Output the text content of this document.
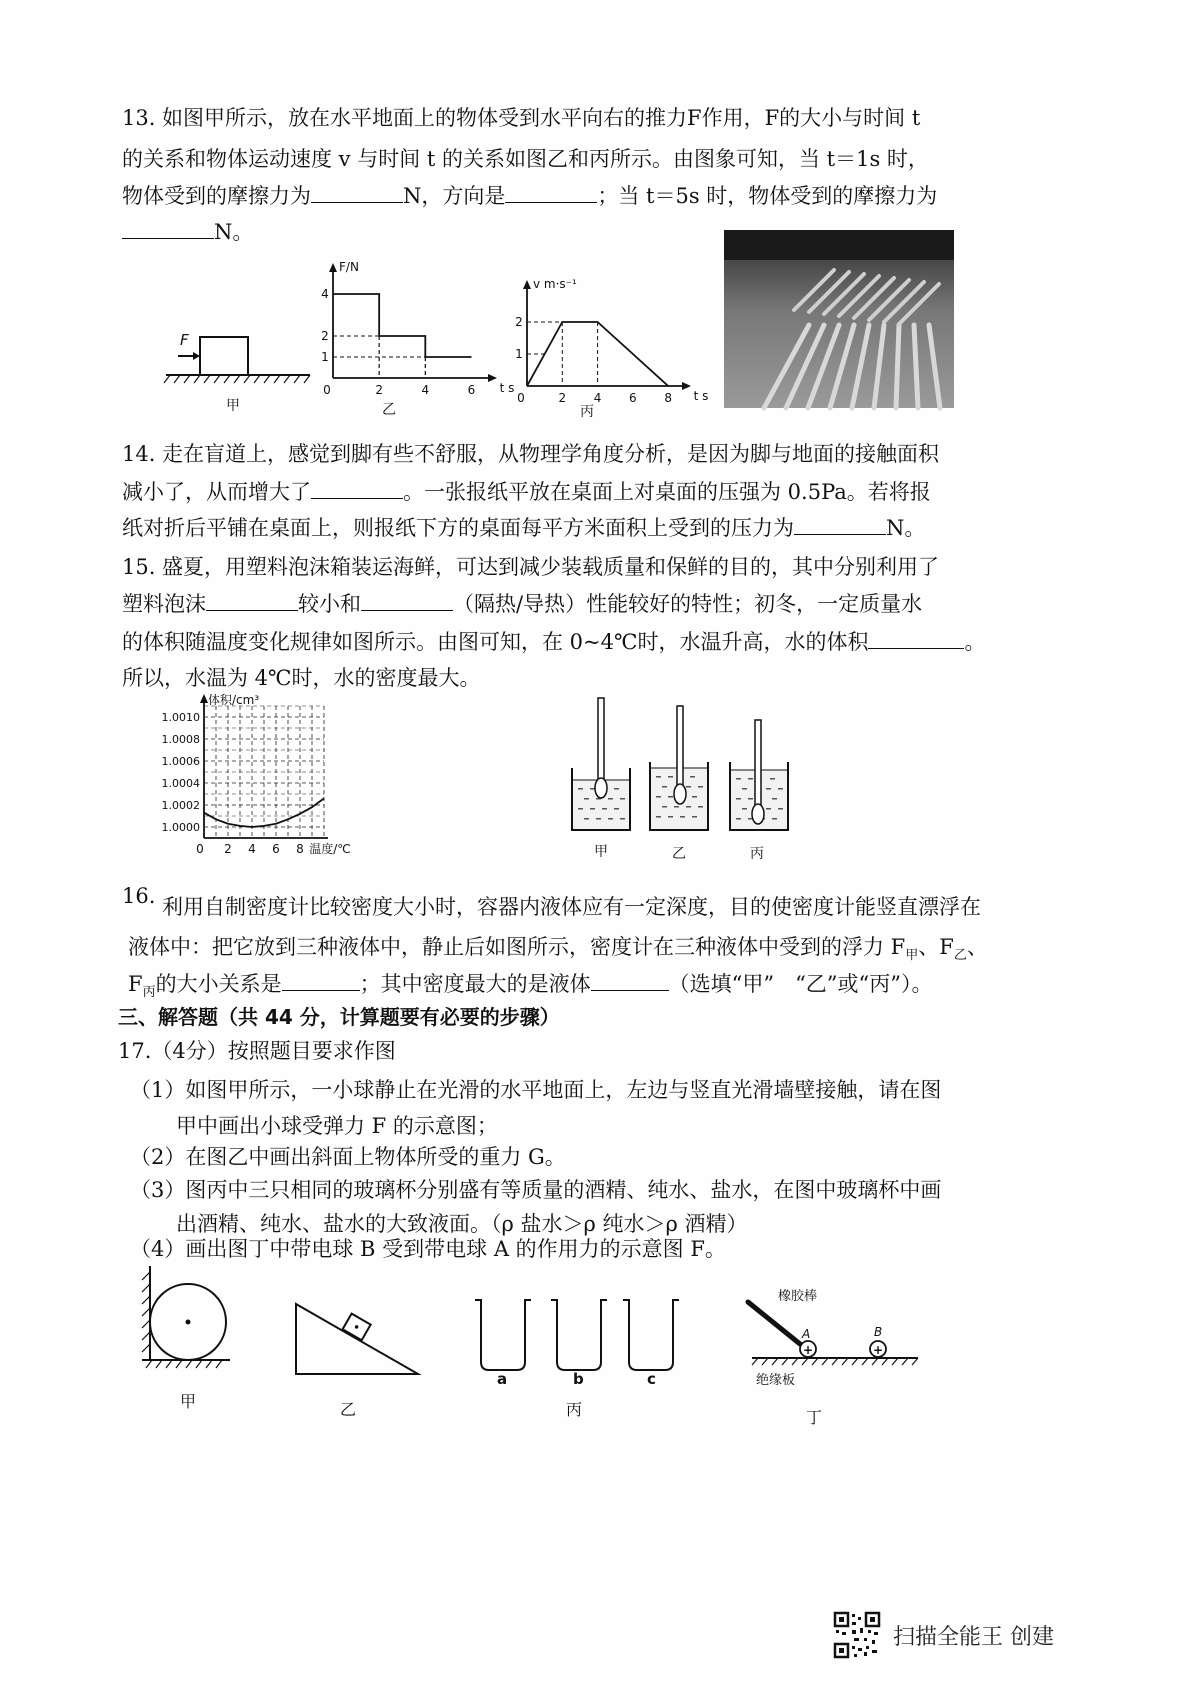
13. 如图甲所示，放在水平地面上的物体受到水平向右的推力F作用，F的大小与时间 t
的关系和物体运动速度 v 与时间 t 的关系如图乙和丙所示。由图象可知，当 t＝1s 时，
物体受到的摩擦力为	N，方向是	；当 t＝5s 时，物体受到的摩擦力为
N。
F
甲
F/N
t s
4
2
1
0	2	4	6
乙
v m·s⁻¹
t s
2
1
0	2 4 6 8
丙
14. 走在盲道上，感觉到脚有些不舒服，从物理学角度分析，是因为脚与地面的接触面积
减小了，从而增大了	。一张报纸平放在桌面上对桌面的压强为 0.5Pa。若将报
纸对折后平铺在桌面上，则报纸下方的桌面每平方米面积上受到的压力为	N。
15. 盛夏，用塑料泡沫箱装运海鲜，可达到减少装载质量和保鲜的目的，其中分别利用了
塑料泡沫	较小和	（隔热/导热）性能较好的特性；初冬，一定质量水
的体积随温度变化规律如图所示。由图可知，在 0~4℃时，水温升高，水的体积	。
所以，水温为 4℃时，水的密度最大。
体积/cm³
1.0010
1.0008
1.0006
1.0004
1.0002
1.0000
0 2 4 6 8 温度/℃	甲	乙	丙
16. 利用自制密度计比较密度大小时，容器内液体应有一定深度，目的使密度计能竖直漂浮在
液体中：把它放到三种液体中，静止后如图所示，密度计在三种液体中受到的浮力 $F_甲$、$F_乙$、
$F_丙$的大小关系是	；其中密度最大的是液体	（选填“甲”　“乙”或“丙”）。
三、解答题（共 44 分，计算题要有必要的步骤）
17.（4分）按照题目要求作图
（1）如图甲所示，一小球静止在光滑的水平地面上，左边与竖直光滑墙壁接触，请在图
甲中画出小球受弹力 F 的示意图；
（2）在图乙中画出斜面上物体所受的重力 G。
（3）图丙中三只相同的玻璃杯分别盛有等质量的酒精、纯水、盐水，在图中玻璃杯中画
出酒精、纯水、盐水的大致液面。（ρ 盐水＞ρ 纯水＞ρ 酒精）
（4）画出图丁中带电球 B 受到带电球 A 的作用力的示意图 F。
甲	乙
a	b	c
丙
橡胶棒
A
+
B
+
绝缘板
丁
扫描全能王 创建
